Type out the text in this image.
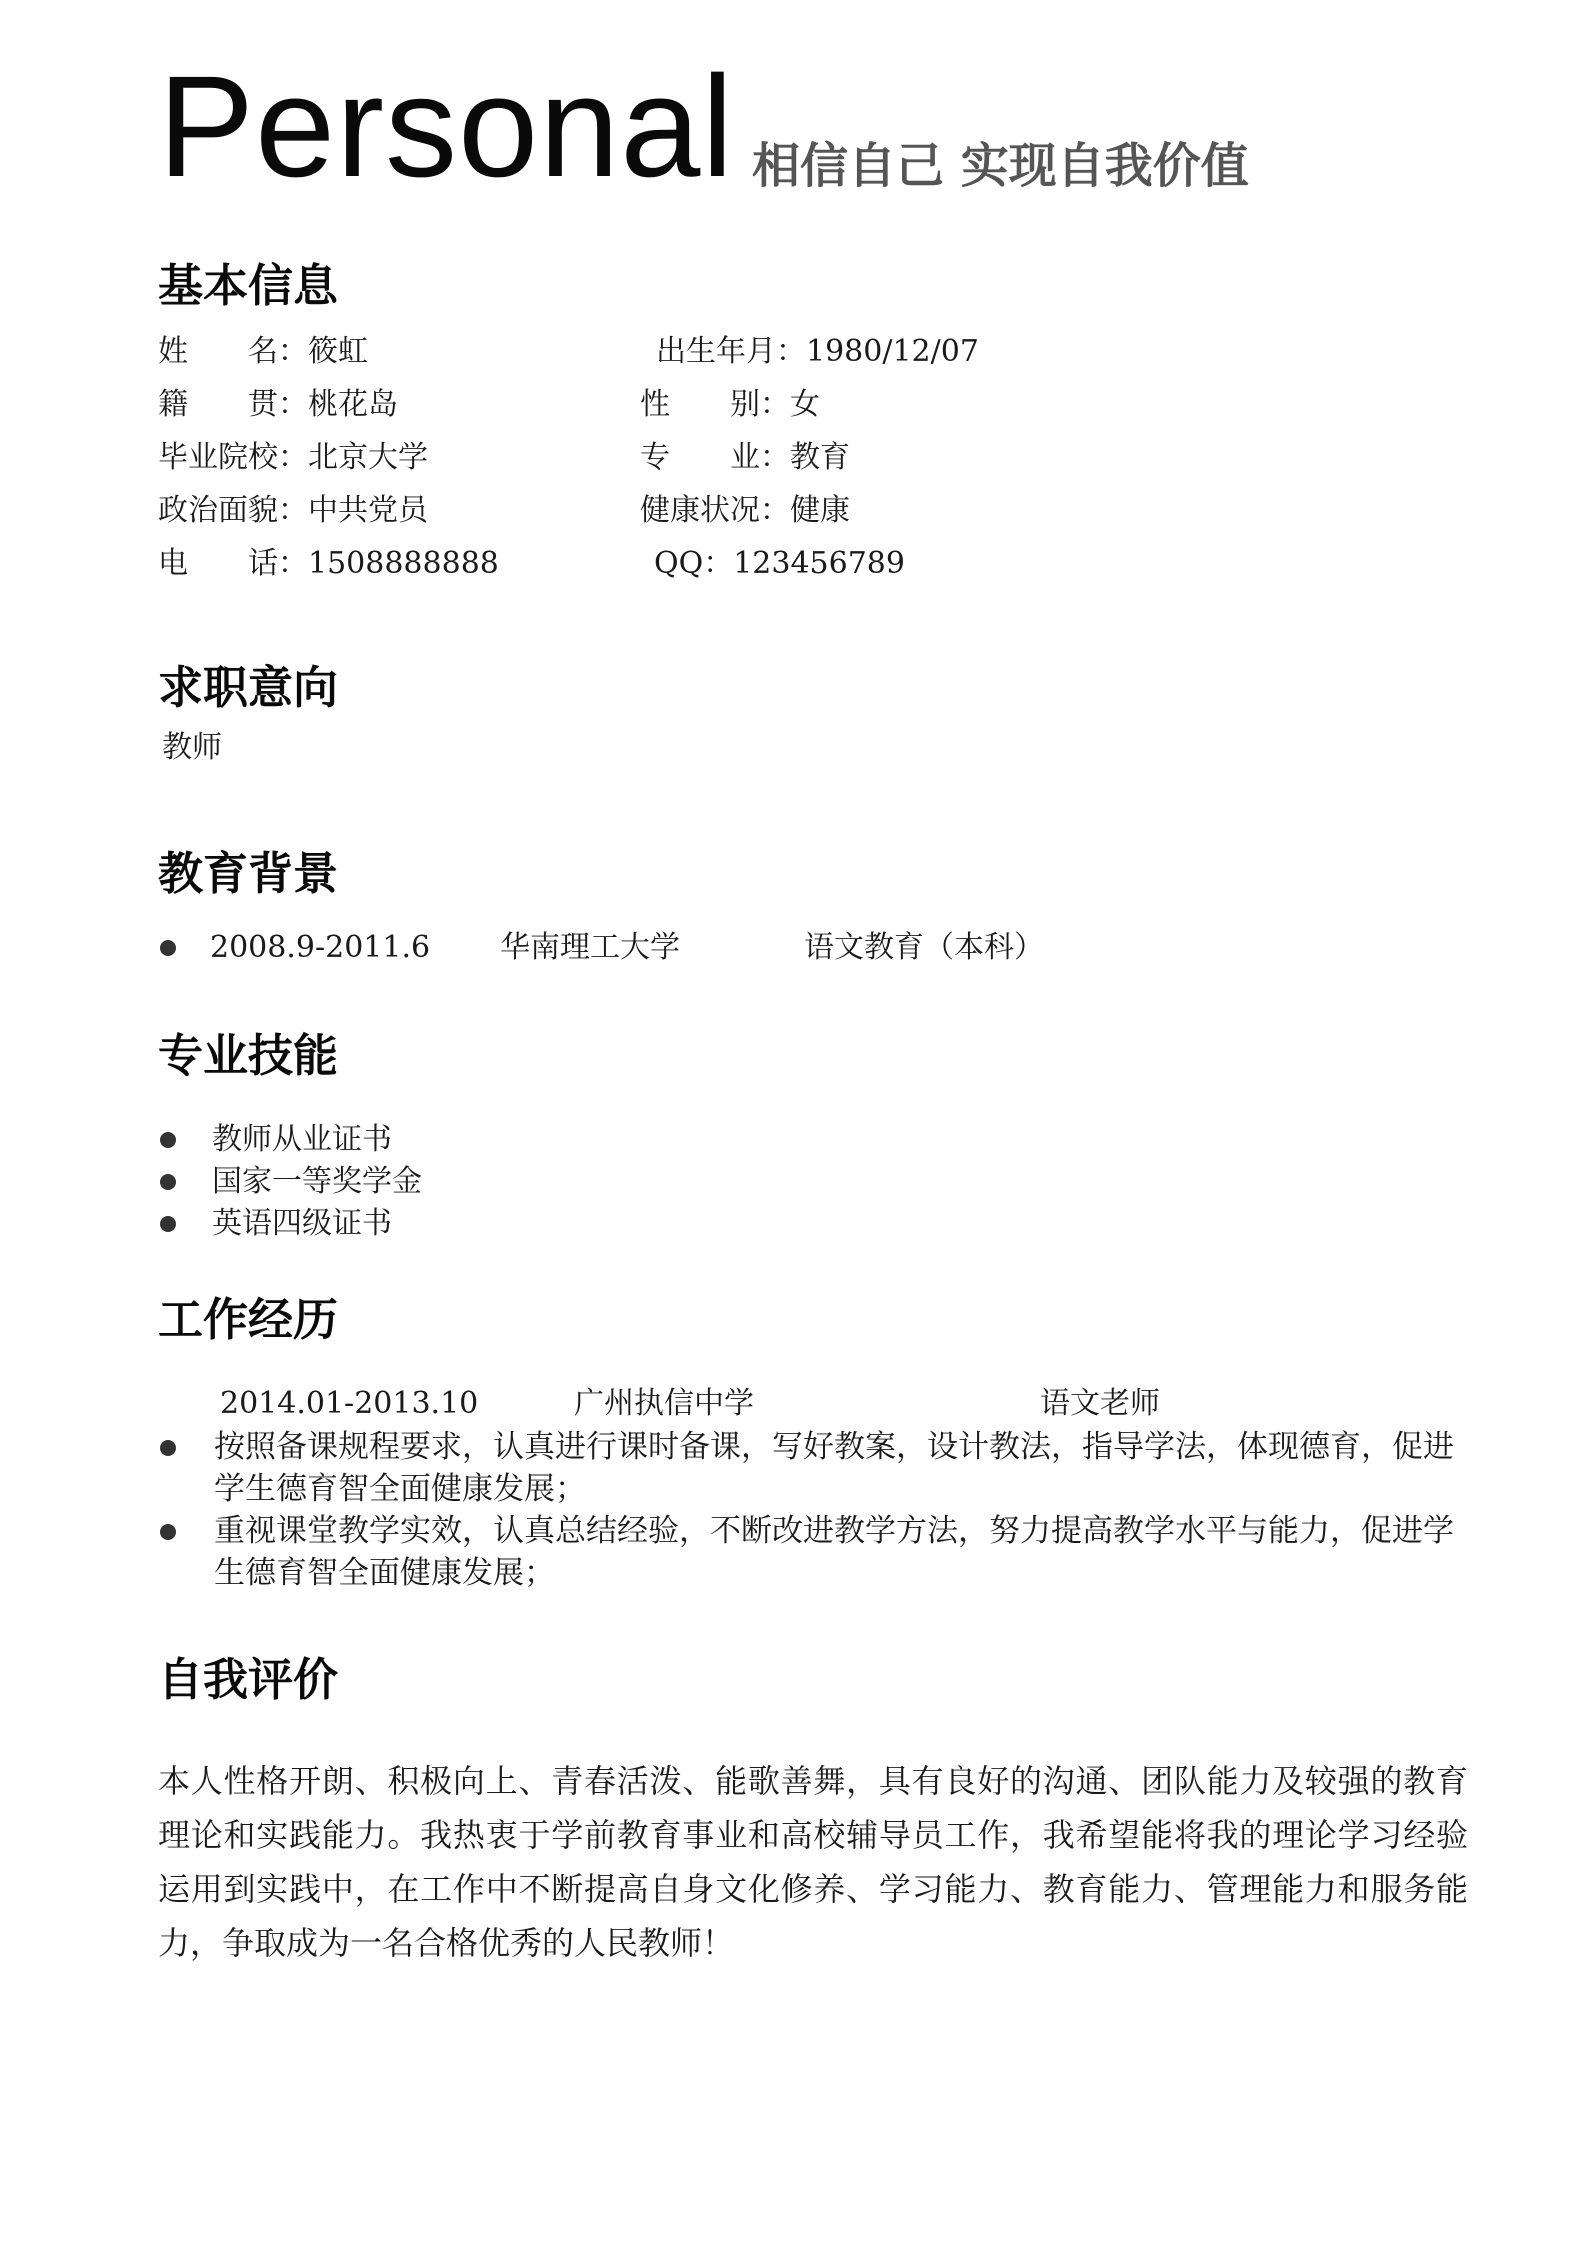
Personal 相信自己 实现自我价值
基本信息
姓　　名：筱虹	出生年月：1980/12/07
籍　　贯：桃花岛	性　　别：女
毕业院校：北京大学	专　　业：教育
政治面貌：中共党员	健康状况：健康
电　　话：1508888888	QQ：123456789
求职意向
教师
教育背景
2008.9-2011.6 华南理工大学	语文教育（本科）
专业技能
教师从业证书
国家一等奖学金
英语四级证书
工作经历
2014.01-2013.10	广州执信中学	语文老师
按照备课规程要求，认真进行课时备课，写好教案，设计教法，指导学法，体现德育，促进学生德育智全面健康发展；
重视课堂教学实效，认真总结经验，不断改进教学方法，努力提高教学水平与能力，促进学生德育智全面健康发展；
自我评价
本人性格开朗、积极向上、青春活泼、能歌善舞，具有良好的沟通、团队能力及较强的教育理论和实践能力。我热衷于学前教育事业和高校辅导员工作，我希望能将我的理论学习经验运用到实践中，在工作中不断提高自身文化修养、学习能力、教育能力、管理能力和服务能力，争取成为一名合格优秀的人民教师！
